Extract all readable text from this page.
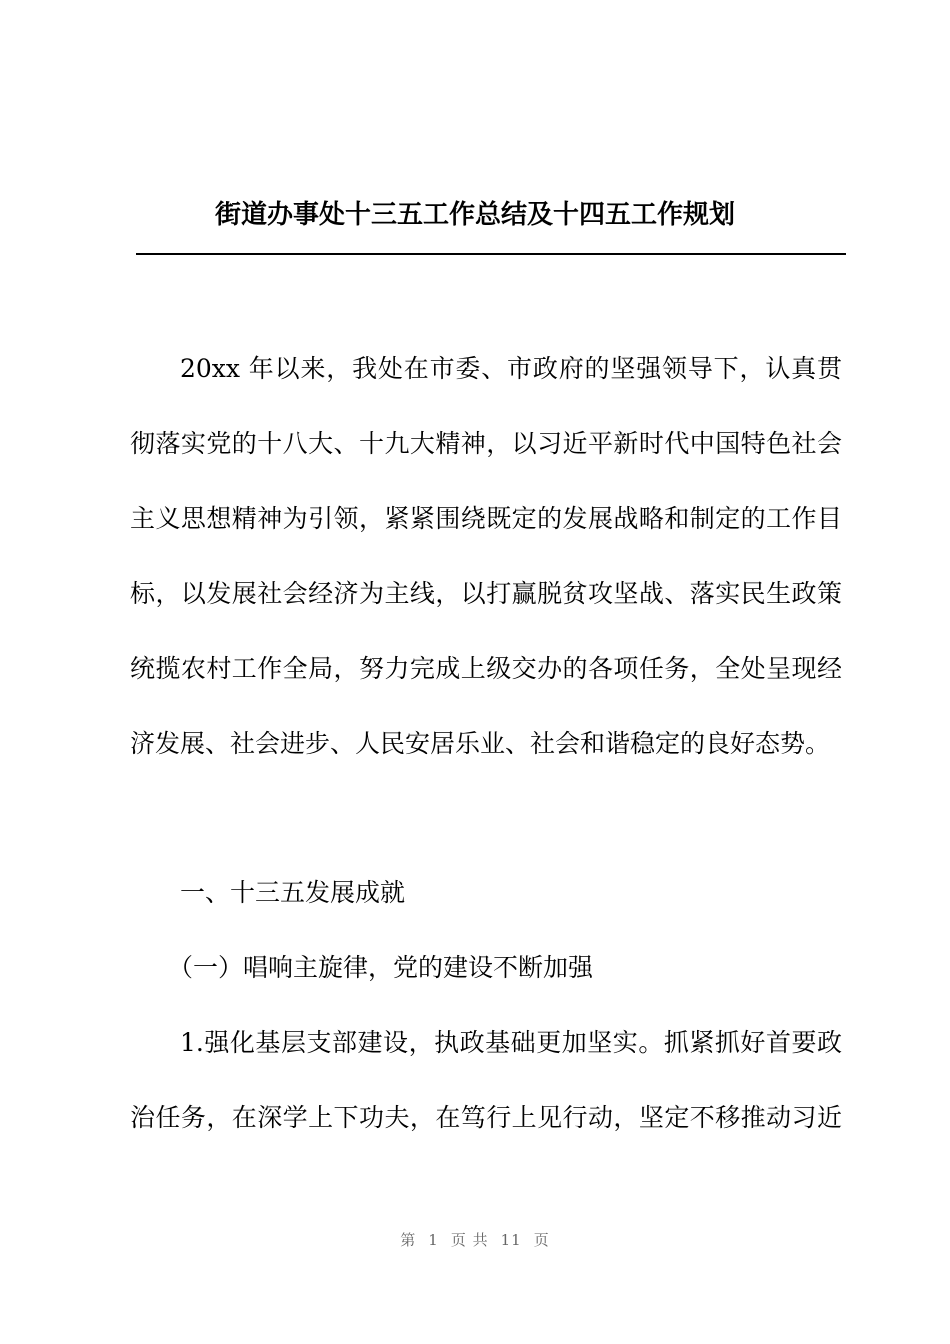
街道办事处十三五工作总结及十四五工作规划
20xx 年以来，我处在市委、市政府的坚强领导下，认真贯
彻落实党的十八大、十九大精神，以习近平新时代中国特色社会
主义思想精神为引领，紧紧围绕既定的发展战略和制定的工作目
标，以发展社会经济为主线，以打赢脱贫攻坚战、落实民生政策
统揽农村工作全局，努力完成上级交办的各项任务，全处呈现经
济发展、社会进步、人民安居乐业、社会和谐稳定的良好态势。
一、十三五发展成就
（一）唱响主旋律，党的建设不断加强
1.强化基层支部建设，执政基础更加坚实。抓紧抓好首要政
治任务，在深学上下功夫，在笃行上见行动，坚定不移推动习近
第 1 页 共 11 页
